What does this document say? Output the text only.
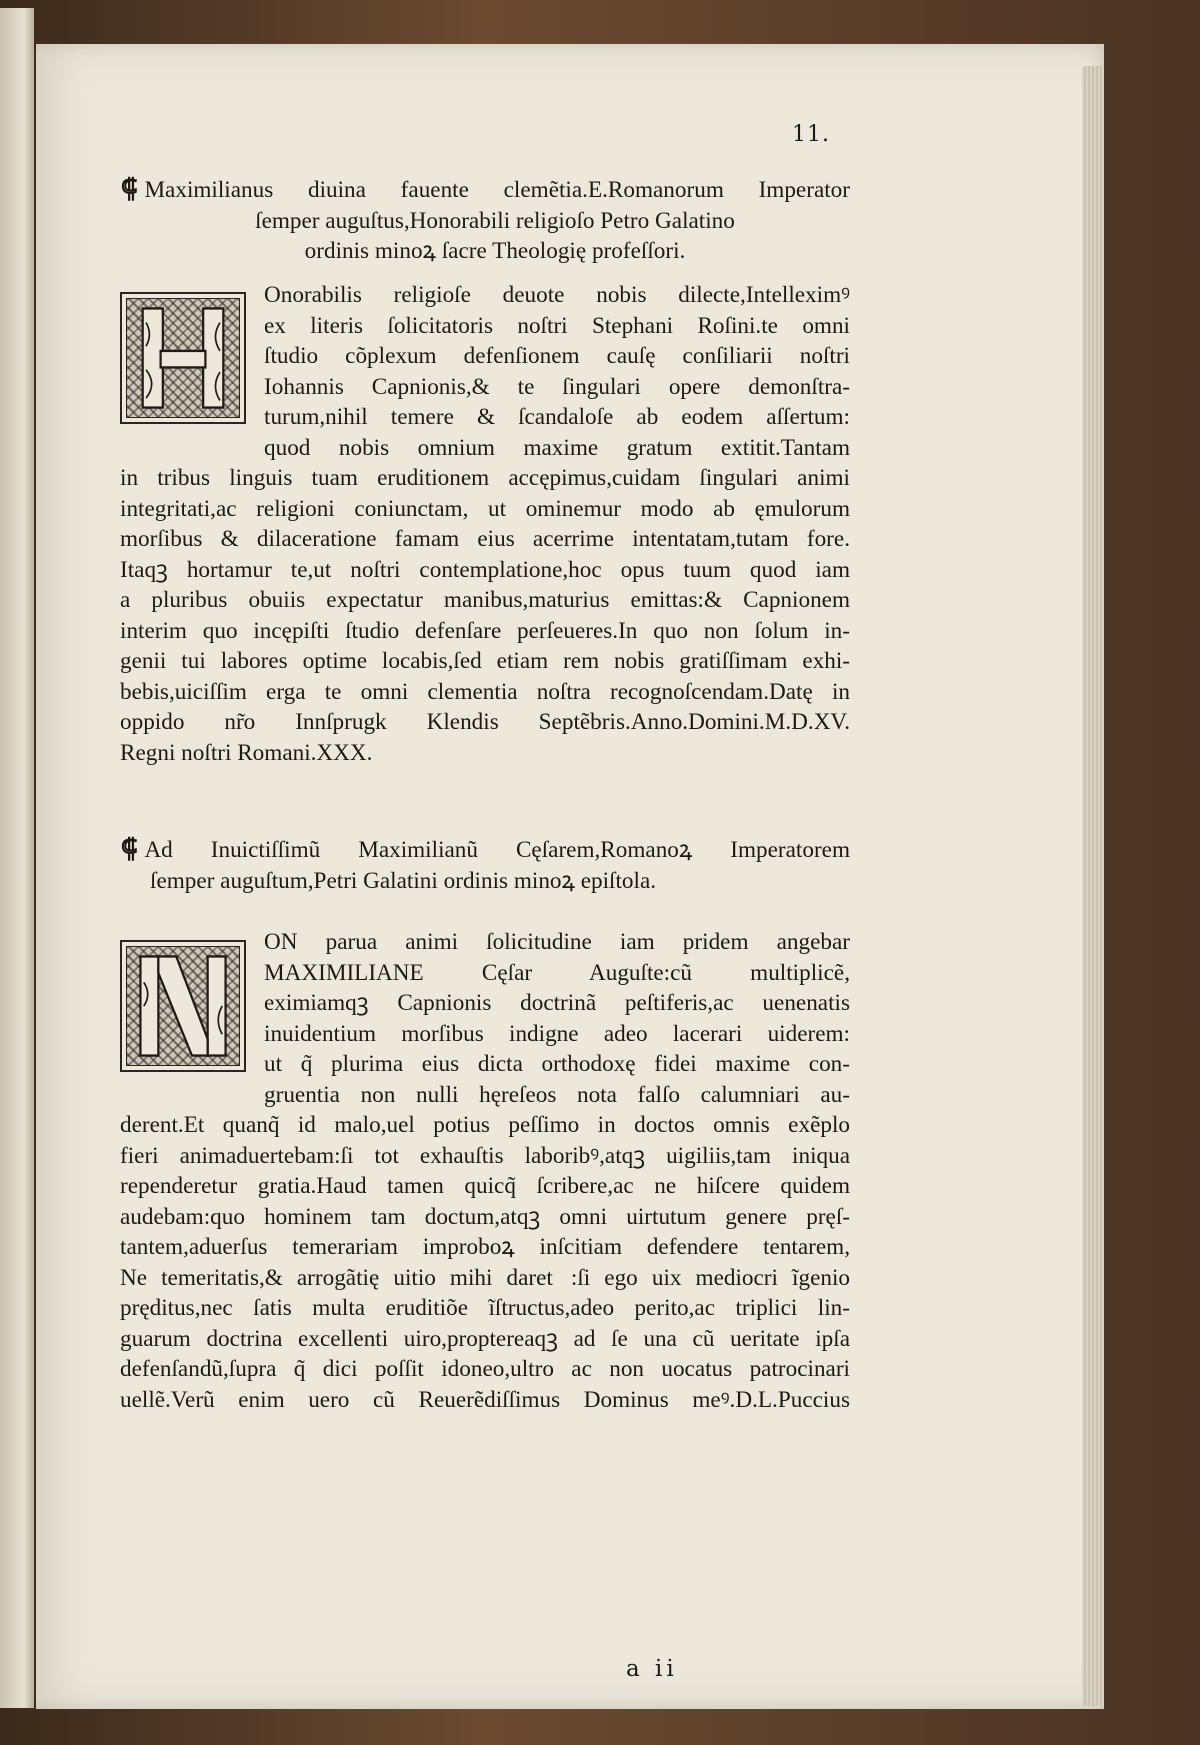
11.
⸿ Maximilianus diuina fauente clemẽtia.E.Romanorum Imperator
ſemper auguſtus,Honorabili religioſo Petro Galatino
ordinis minoꝝ ſacre Theologię profeſſori.
Onorabilis religioſe deuote nobis dilecte,Intelleximꝰ
ex literis ſolicitatoris noſtri Stephani Roſini.te omni
ſtudio cõplexum defenſionem cauſę conſiliarii noſtri
Iohannis Capnionis,& te ſingulari opere demonſtra-
turum,nihil temere & ſcandaloſe ab eodem aſſertum:
quod nobis omnium maxime gratum extitit.Tantam
in tribus linguis tuam eruditionem accępimus,cuidam ſingulari animi
integritati,ac religioni coniunctam, ut ominemur modo ab ęmulorum
morſibus & dilaceratione famam eius acerrime intentatam,tutam fore.
Itaqꝫ hortamur te,ut noſtri contemplatione,hoc opus tuum quod iam
a pluribus obuiis expectatur manibus,maturius emittas:& Capnionem
interim quo incępiſti ſtudio defenſare perſeueres.In quo non ſolum in-
genii tui labores optime locabis,ſed etiam rem nobis gratiſſimam exhi-
bebis,uiciſſim erga te omni clementia noſtra recognoſcendam.Datę in
oppido nr̃o Innſprugk Klendis Septẽbris.Anno.Domini.M.D.XV.
Regni noſtri Romani.XXX.
⸿ Ad Inuictiſſimũ Maximilianũ Cęſarem,Romanoꝝ Imperatorem
ſemper auguſtum,Petri Galatini ordinis minoꝝ epiſtola.
ON parua animi ſolicitudine iam pridem angebar
MAXIMILIANE Cęſar Auguſte:cũ multiplicẽ,
eximiamqꝫ Capnionis doctrinã peſtiferis,ac uenenatis
inuidentium morſibus indigne adeo lacerari uiderem:
ut q̃ plurima eius dicta orthodoxę fidei maxime con-
gruentia non nulli hęreſeos nota falſo calumniari au-
derent.Et quanq̃ id malo,uel potius peſſimo in doctos omnis exẽplo
fieri animaduertebam:ſi tot exhauſtis laboribꝰ,atqꝫ uigiliis,tam iniqua
rependeretur gratia.Haud tamen quicq̃ ſcribere,ac ne hiſcere quidem
audebam:quo hominem tam doctum,atqꝫ omni uirtutum genere pręſ-
tantem,aduerſus temerariam improboꝝ inſcitiam defendere tentarem,
Ne temeritatis,& arrogãtię uitio mihi daretᷣ:ſi ego uix mediocri ĩgenio
pręditus,nec ſatis multa eruditiõe ĩſtructus,adeo perito,ac triplici lin-
guarum doctrina excellenti uiro,proptereaqꝫ ad ſe una cũ ueritate ipſa
defenſandũ,ſupra q̃ dici poſſit idoneo,ultro ac non uocatus patrocinari
uellẽ.Verũ enim uero cũ Reuerẽdiſſimus Dominus meꝰ.D.L.Puccius
a ii
